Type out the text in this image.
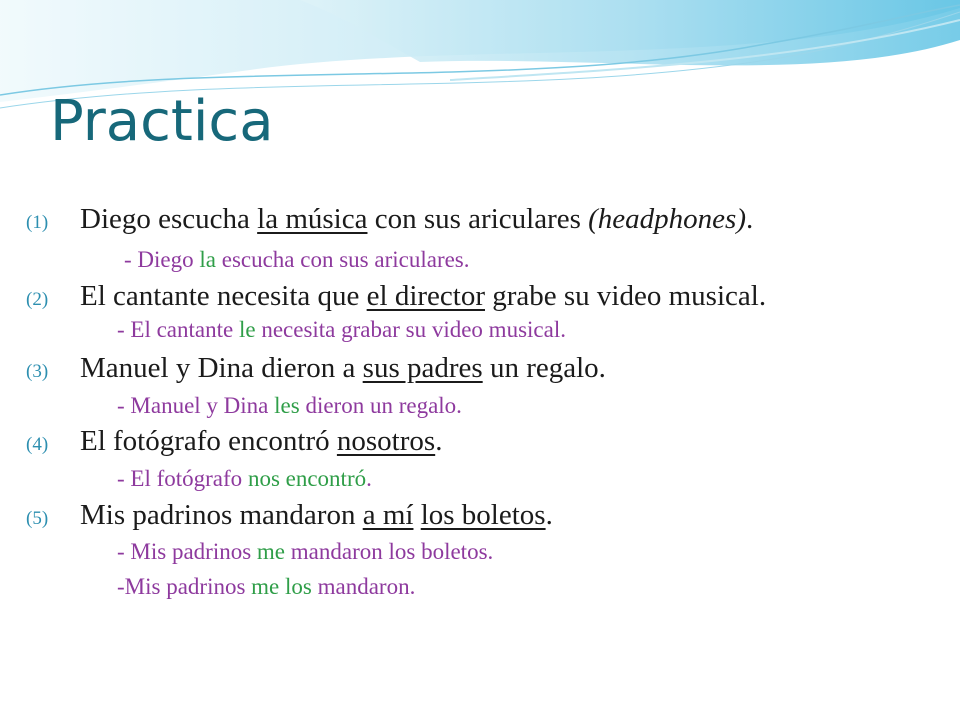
Practica
(1) Diego escucha la música con sus ariculares (headphones).
- Diego la escucha con sus ariculares.
(2) El cantante necesita que el director grabe su video musical.
- El cantante le necesita grabar su video musical.
(3) Manuel y Dina dieron a sus padres un regalo.
- Manuel y Dina les dieron un regalo.
(4) El fotógrafo encontró nosotros.
- El fotógrafo nos encontró.
(5) Mis padrinos mandaron a mí los boletos.
- Mis padrinos me mandaron los boletos.
-Mis padrinos me los mandaron.
